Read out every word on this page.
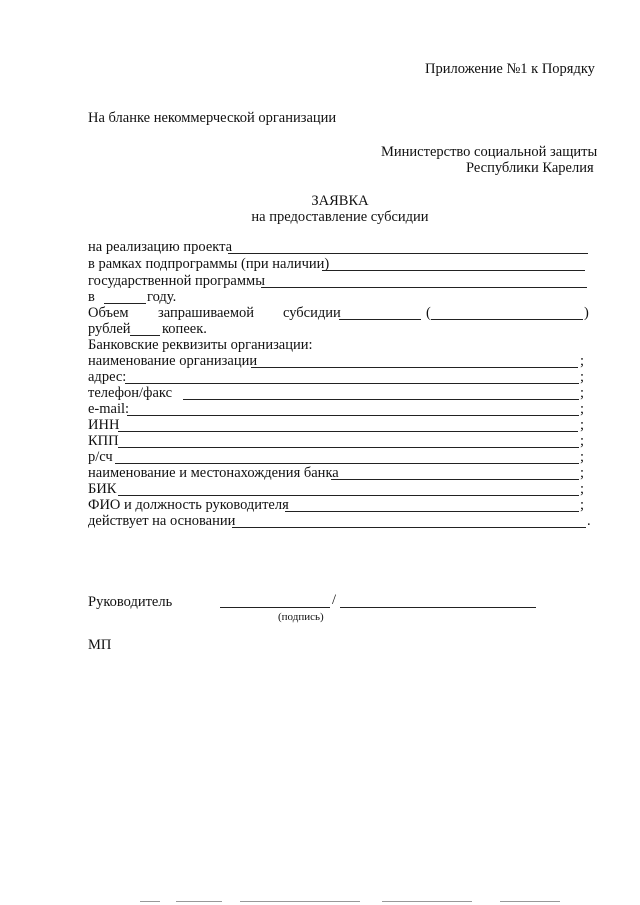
Приложение №1 к Порядку
На бланке некоммерческой организации
Министерство социальной защиты
Республики Карелия
ЗАЯВКА
на предоставление субсидии
на реализацию проекта
в рамках подпрограммы (при наличии)
государственной программы
в	году.
Объем запрашиваемой субсидии	(	)
рублей копеек.
Банковские реквизиты организации:
наименование организации	;
адрес:	;
телефон/факс	;
e-mail:	;
ИНН	;
КПП	;
р/сч	;
наименование и местонахождения банка	;
БИК	;
ФИО и должность руководителя	;
действует на основании	.
Руководитель	/
(подпись)
МП
